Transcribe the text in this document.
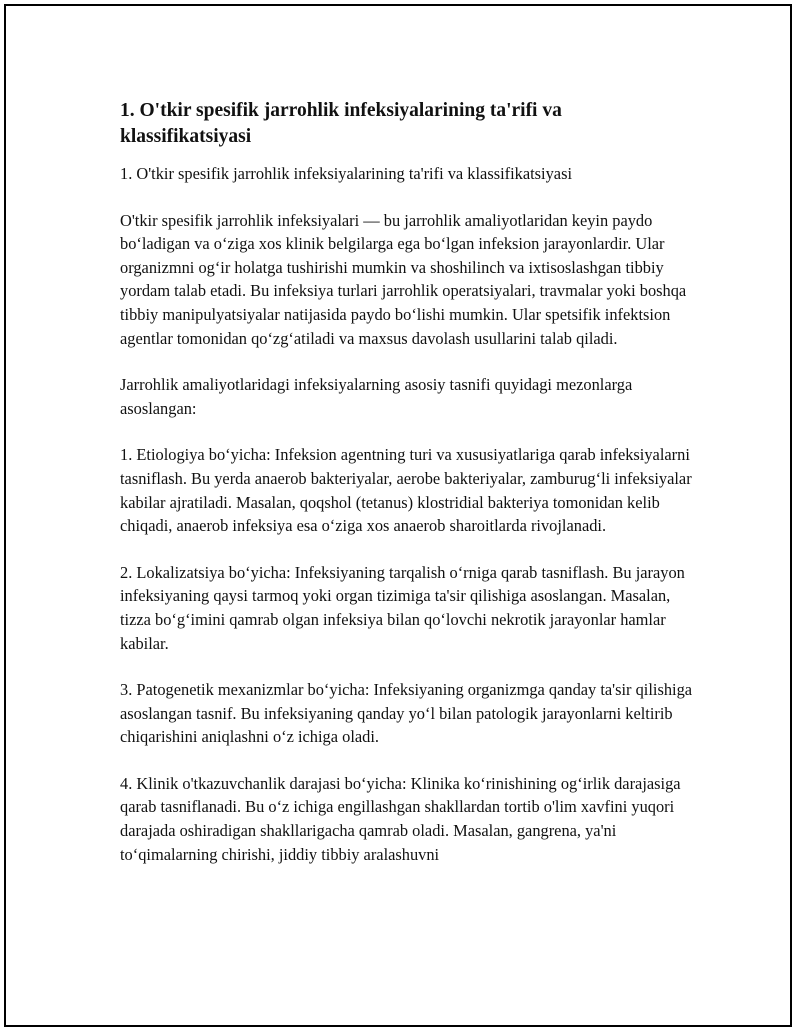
1. O'tkir spesifik jarrohlik infeksiyalarining ta'rifi va klassifikatsiyasi

1. O'tkir spesifik jarrohlik infeksiyalarining ta'rifi va klassifikatsiyasi

O'tkir spesifik jarrohlik infeksiyalari — bu jarrohlik amaliyotlaridan keyin paydo boʻladigan va oʻziga xos klinik belgilarga ega boʻlgan infeksion jarayonlardir. Ular organizmni ogʻir holatga tushirishi mumkin va shoshilinch va ixtisoslashgan tibbiy yordam talab etadi. Bu infeksiya turlari jarrohlik operatsiyalari, travmalar yoki boshqa tibbiy manipulyatsiyalar natijasida paydo boʻlishi mumkin. Ular spetsifik infektsion agentlar tomonidan qoʻzgʻatiladi va maxsus davolash usullarini talab qiladi.

Jarrohlik amaliyotlaridagi infeksiyalarning asosiy tasnifi quyidagi mezonlarga asoslangan:

1. Etiologiya boʻyicha: Infeksion agentning turi va xususiyatlariga qarab infeksiyalarni tasniflash. Bu yerda anaerob bakteriyalar, aerobe bakteriyalar, zamburugʻli infeksiyalar kabilar ajratiladi. Masalan, qoqshol (tetanus) klostridial bakteriya tomonidan kelib chiqadi, anaerob infeksiya esa oʻziga xos anaerob sharoitlarda rivojlanadi.

2. Lokalizatsiya boʻyicha: Infeksiyaning tarqalish oʻrniga qarab tasniflash. Bu jarayon infeksiyaning qaysi tarmoq yoki organ tizimiga ta'sir qilishiga asoslangan. Masalan, tizza boʻgʻimini qamrab olgan infeksiya bilan qoʻlovchi nekrotik jarayonlar hamlar kabilar.

3. Patogenetik mexanizmlar boʻyicha: Infeksiyaning organizmga qanday ta'sir qilishiga asoslangan tasnif. Bu infeksiyaning qanday yoʻl bilan patologik jarayonlarni keltirib chiqarishini aniqlashni oʻz ichiga oladi.

4. Klinik o'tkazuvchanlik darajasi boʻyicha: Klinika koʻrinishining ogʻirlik darajasiga qarab tasniflanadi. Bu oʻz ichiga engillashgan shakllardan tortib o'lim xavfini yuqori darajada oshiradigan shakllarigacha qamrab oladi. Masalan, gangrena, ya'ni toʻqimalarning chirishi, jiddiy tibbiy aralashuvni
